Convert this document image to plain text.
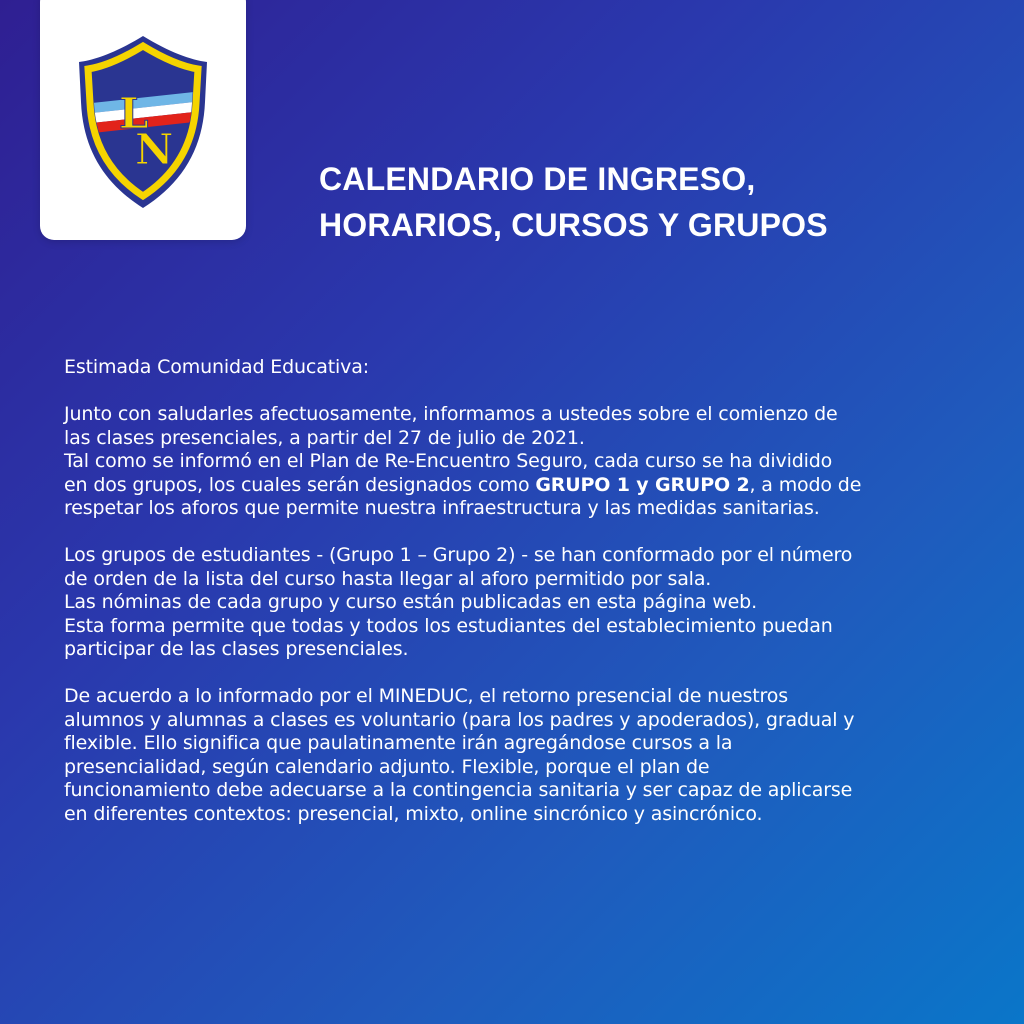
L
N
CALENDARIO DE INGRESO,
HORARIOS, CURSOS Y GRUPOS
Estimada Comunidad Educativa:
Junto con saludarles afectuosamente, informamos a ustedes sobre el comienzo de
las clases presenciales, a partir del 27 de julio de 2021.
Tal como se informó en el Plan de Re-Encuentro Seguro, cada curso se ha dividido
en dos grupos, los cuales serán designados como GRUPO 1 y GRUPO 2, a modo de
respetar los aforos que permite nuestra infraestructura y las medidas sanitarias.
Los grupos de estudiantes - (Grupo 1 – Grupo 2) - se han conformado por el número
de orden de la lista del curso hasta llegar al aforo permitido por sala.
Las nóminas de cada grupo y curso están publicadas en esta página web.
Esta forma permite que todas y todos los estudiantes del establecimiento puedan
participar de las clases presenciales.
De acuerdo a lo informado por el MINEDUC, el retorno presencial de nuestros
alumnos y alumnas a clases es voluntario (para los padres y apoderados), gradual y
flexible. Ello significa que paulatinamente irán agregándose cursos a la
presencialidad, según calendario adjunto. Flexible, porque el plan de
funcionamiento debe adecuarse a la contingencia sanitaria y ser capaz de aplicarse
en diferentes contextos: presencial, mixto, online sincrónico y asincrónico.
